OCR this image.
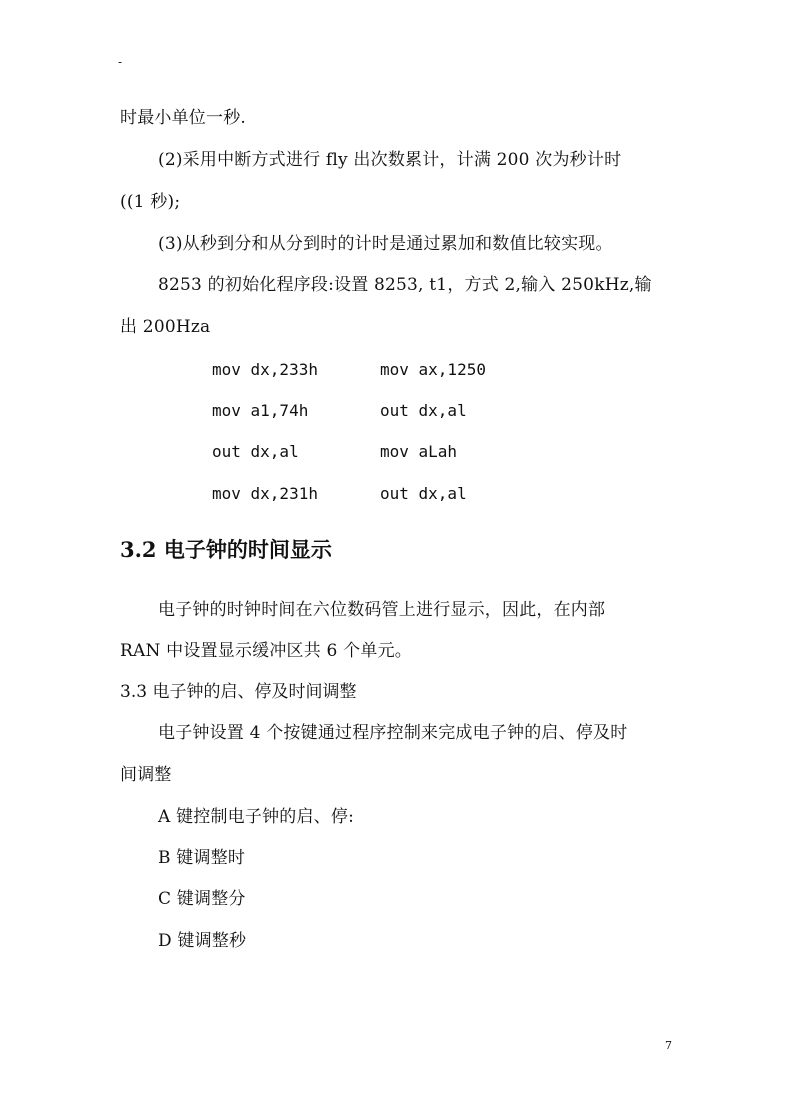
-
时最小单位一秒.
(2)采用中断方式进行 fly 出次数累计，计满 200 次为秒计时
((1 秒);
(3)从秒到分和从分到时的计时是通过累加和数值比较实现。
8253 的初始化程序段:设置 8253, t1，方式 2,输入 250kHz,输
出 200Hza
mov dx,233h	mov ax,1250
mov a1,74h	out dx,al
out dx,al	mov aLah
mov dx,231h	out dx,al
3.2 电子钟的时间显示
电子钟的时钟时间在六位数码管上进行显示，因此，在内部
RAN 中设置显示缓冲区共 6 个单元。
3.3 电子钟的启、停及时间调整
电子钟设置 4 个按键通过程序控制来完成电子钟的启、停及时
间调整
A 键控制电子钟的启、停:
B 键调整时
C 键调整分
D 键调整秒
7
